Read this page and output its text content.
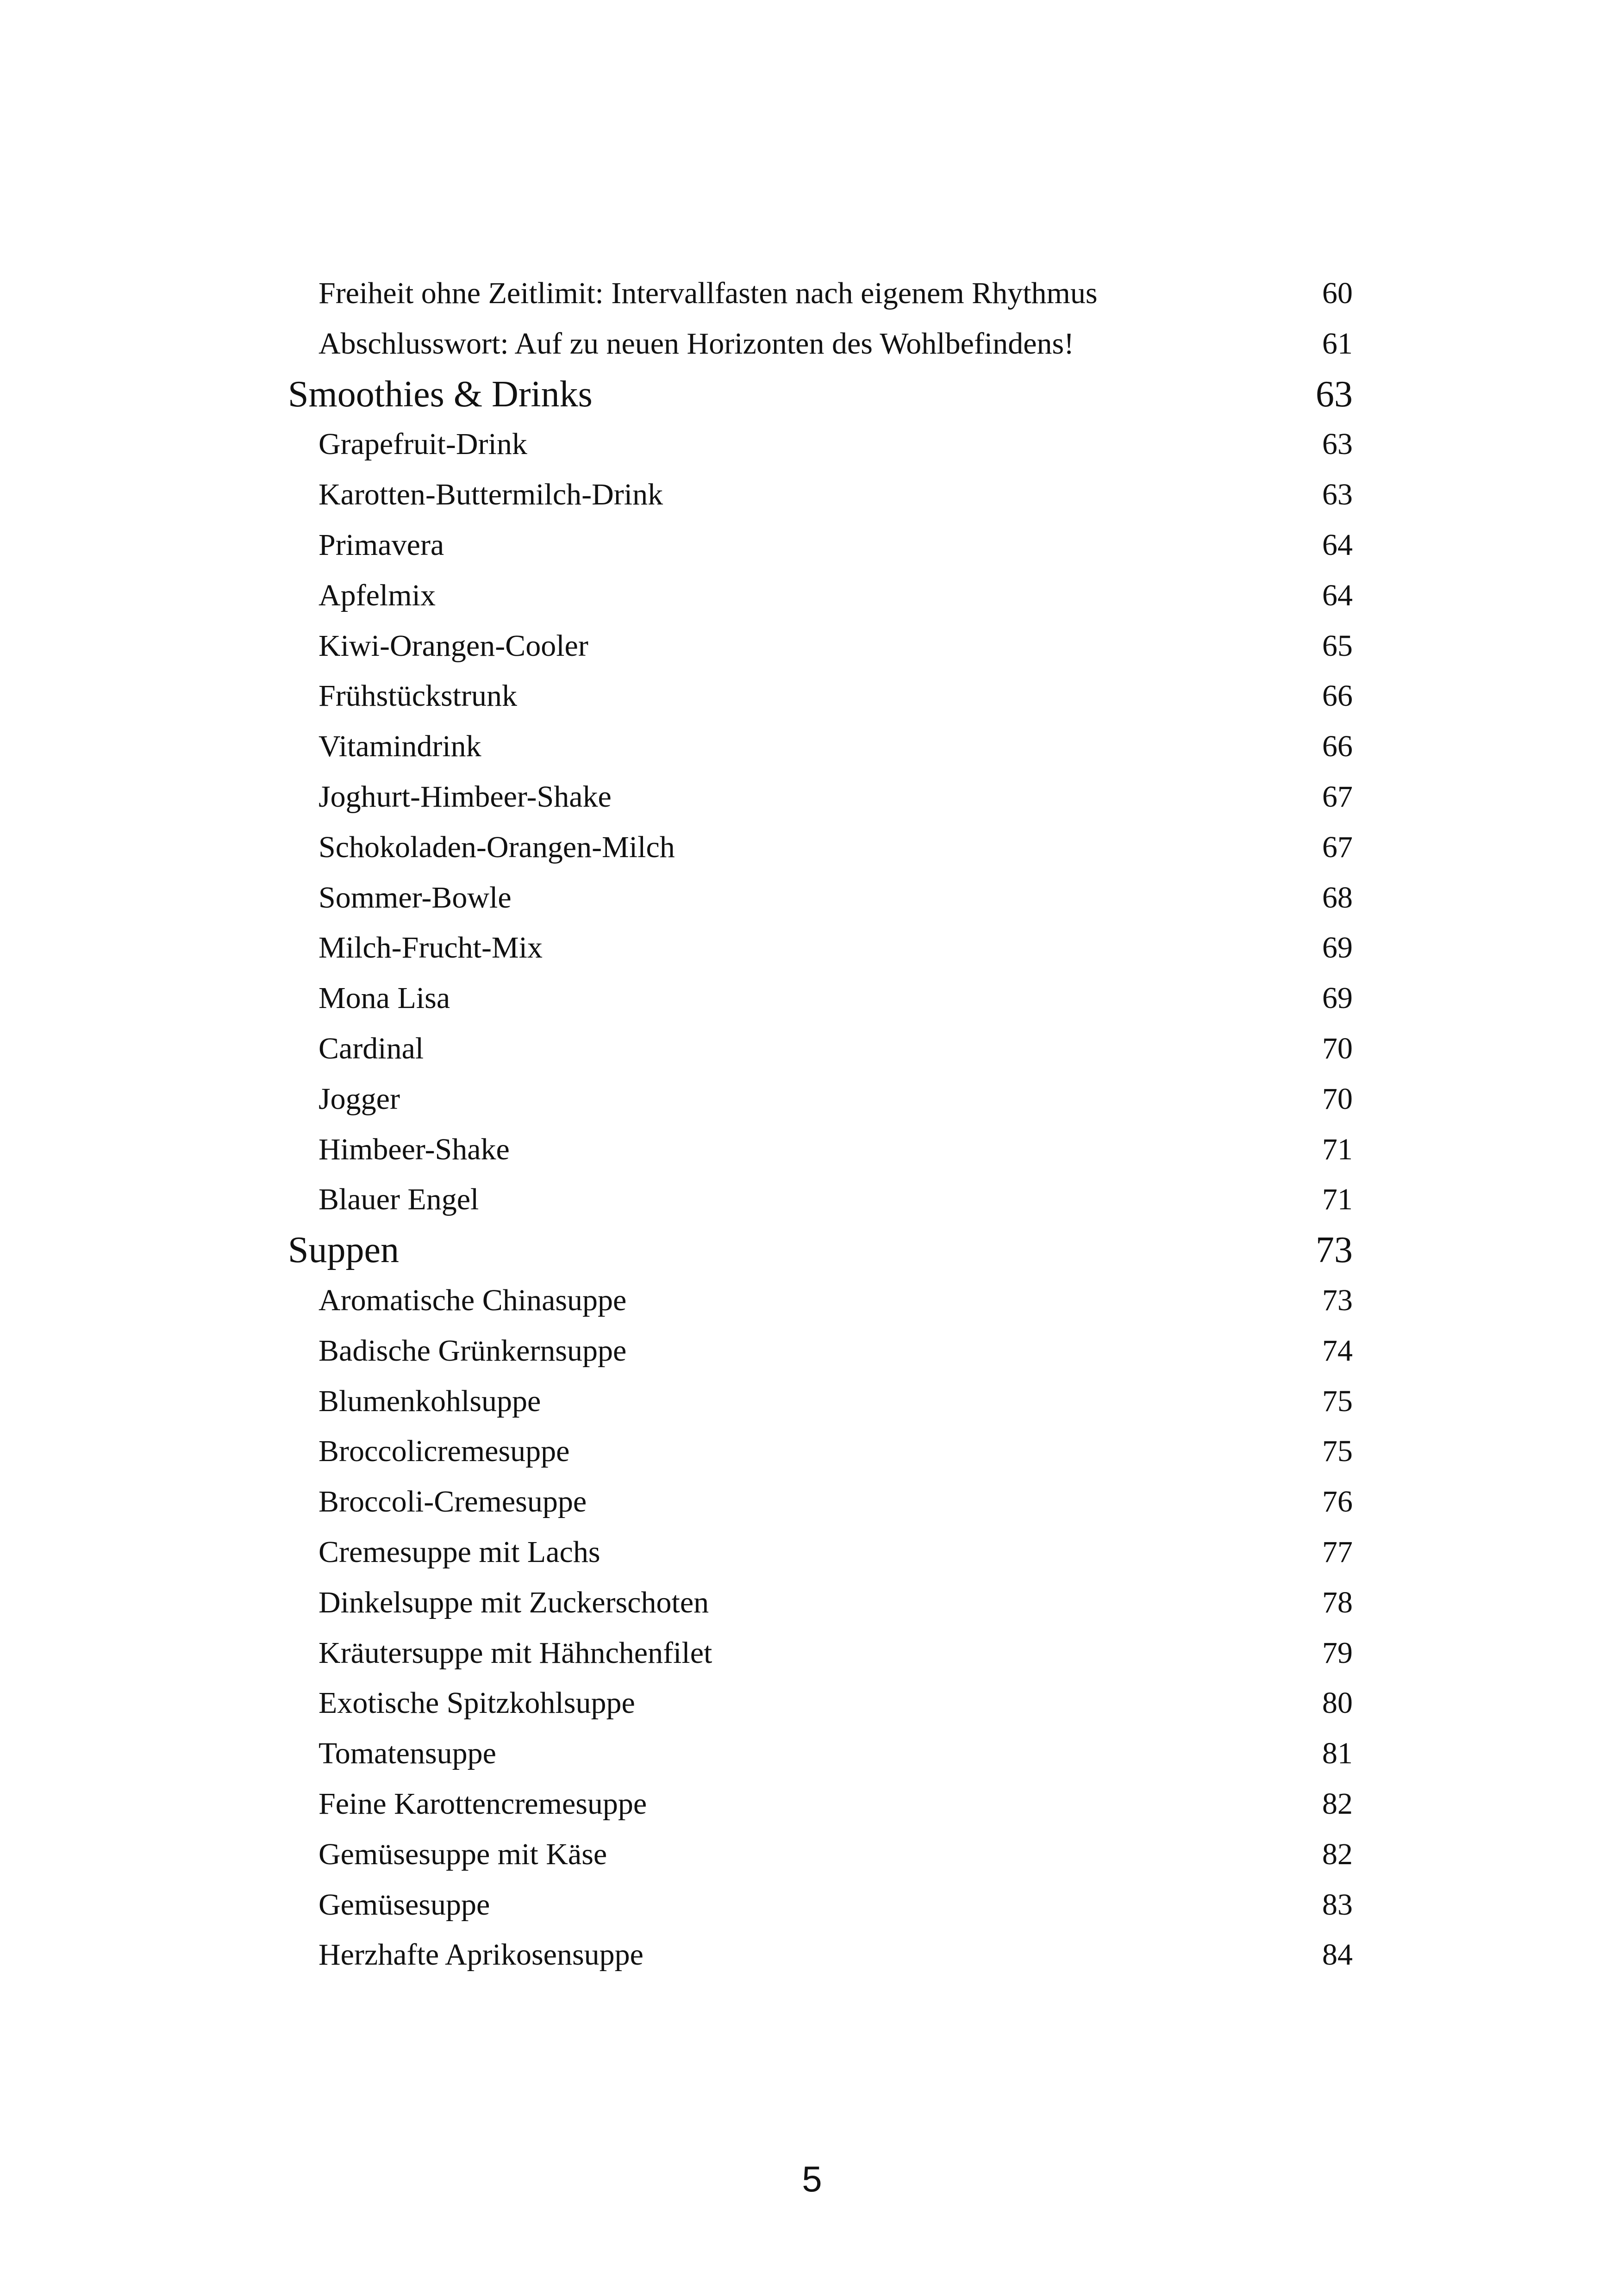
Freiheit ohne Zeitlimit: Intervallfasten nach eigenem Rhythmus	60
Abschlusswort: Auf zu neuen Horizonten des Wohlbefindens!	61
Smoothies & Drinks	63
Grapefruit-Drink	63
Karotten-Buttermilch-Drink	63
Primavera	64
Apfelmix	64
Kiwi-Orangen-Cooler	65
Frühstückstrunk	66
Vitamindrink	66
Joghurt-Himbeer-Shake	67
Schokoladen-Orangen-Milch	67
Sommer-Bowle	68
Milch-Frucht-Mix	69
Mona Lisa	69
Cardinal	70
Jogger	70
Himbeer-Shake	71
Blauer Engel	71
Suppen	73
Aromatische Chinasuppe	73
Badische Grünkernsuppe	74
Blumenkohlsuppe	75
Broccolicremesuppe	75
Broccoli-Cremesuppe	76
Cremesuppe mit Lachs	77
Dinkelsuppe mit Zuckerschoten	78
Kräutersuppe mit Hähnchenfilet	79
Exotische Spitzkohlsuppe	80
Tomatensuppe	81
Feine Karottencremesuppe	82
Gemüsesuppe mit Käse	82
Gemüsesuppe	83
Herzhafte Aprikosensuppe	84
5
